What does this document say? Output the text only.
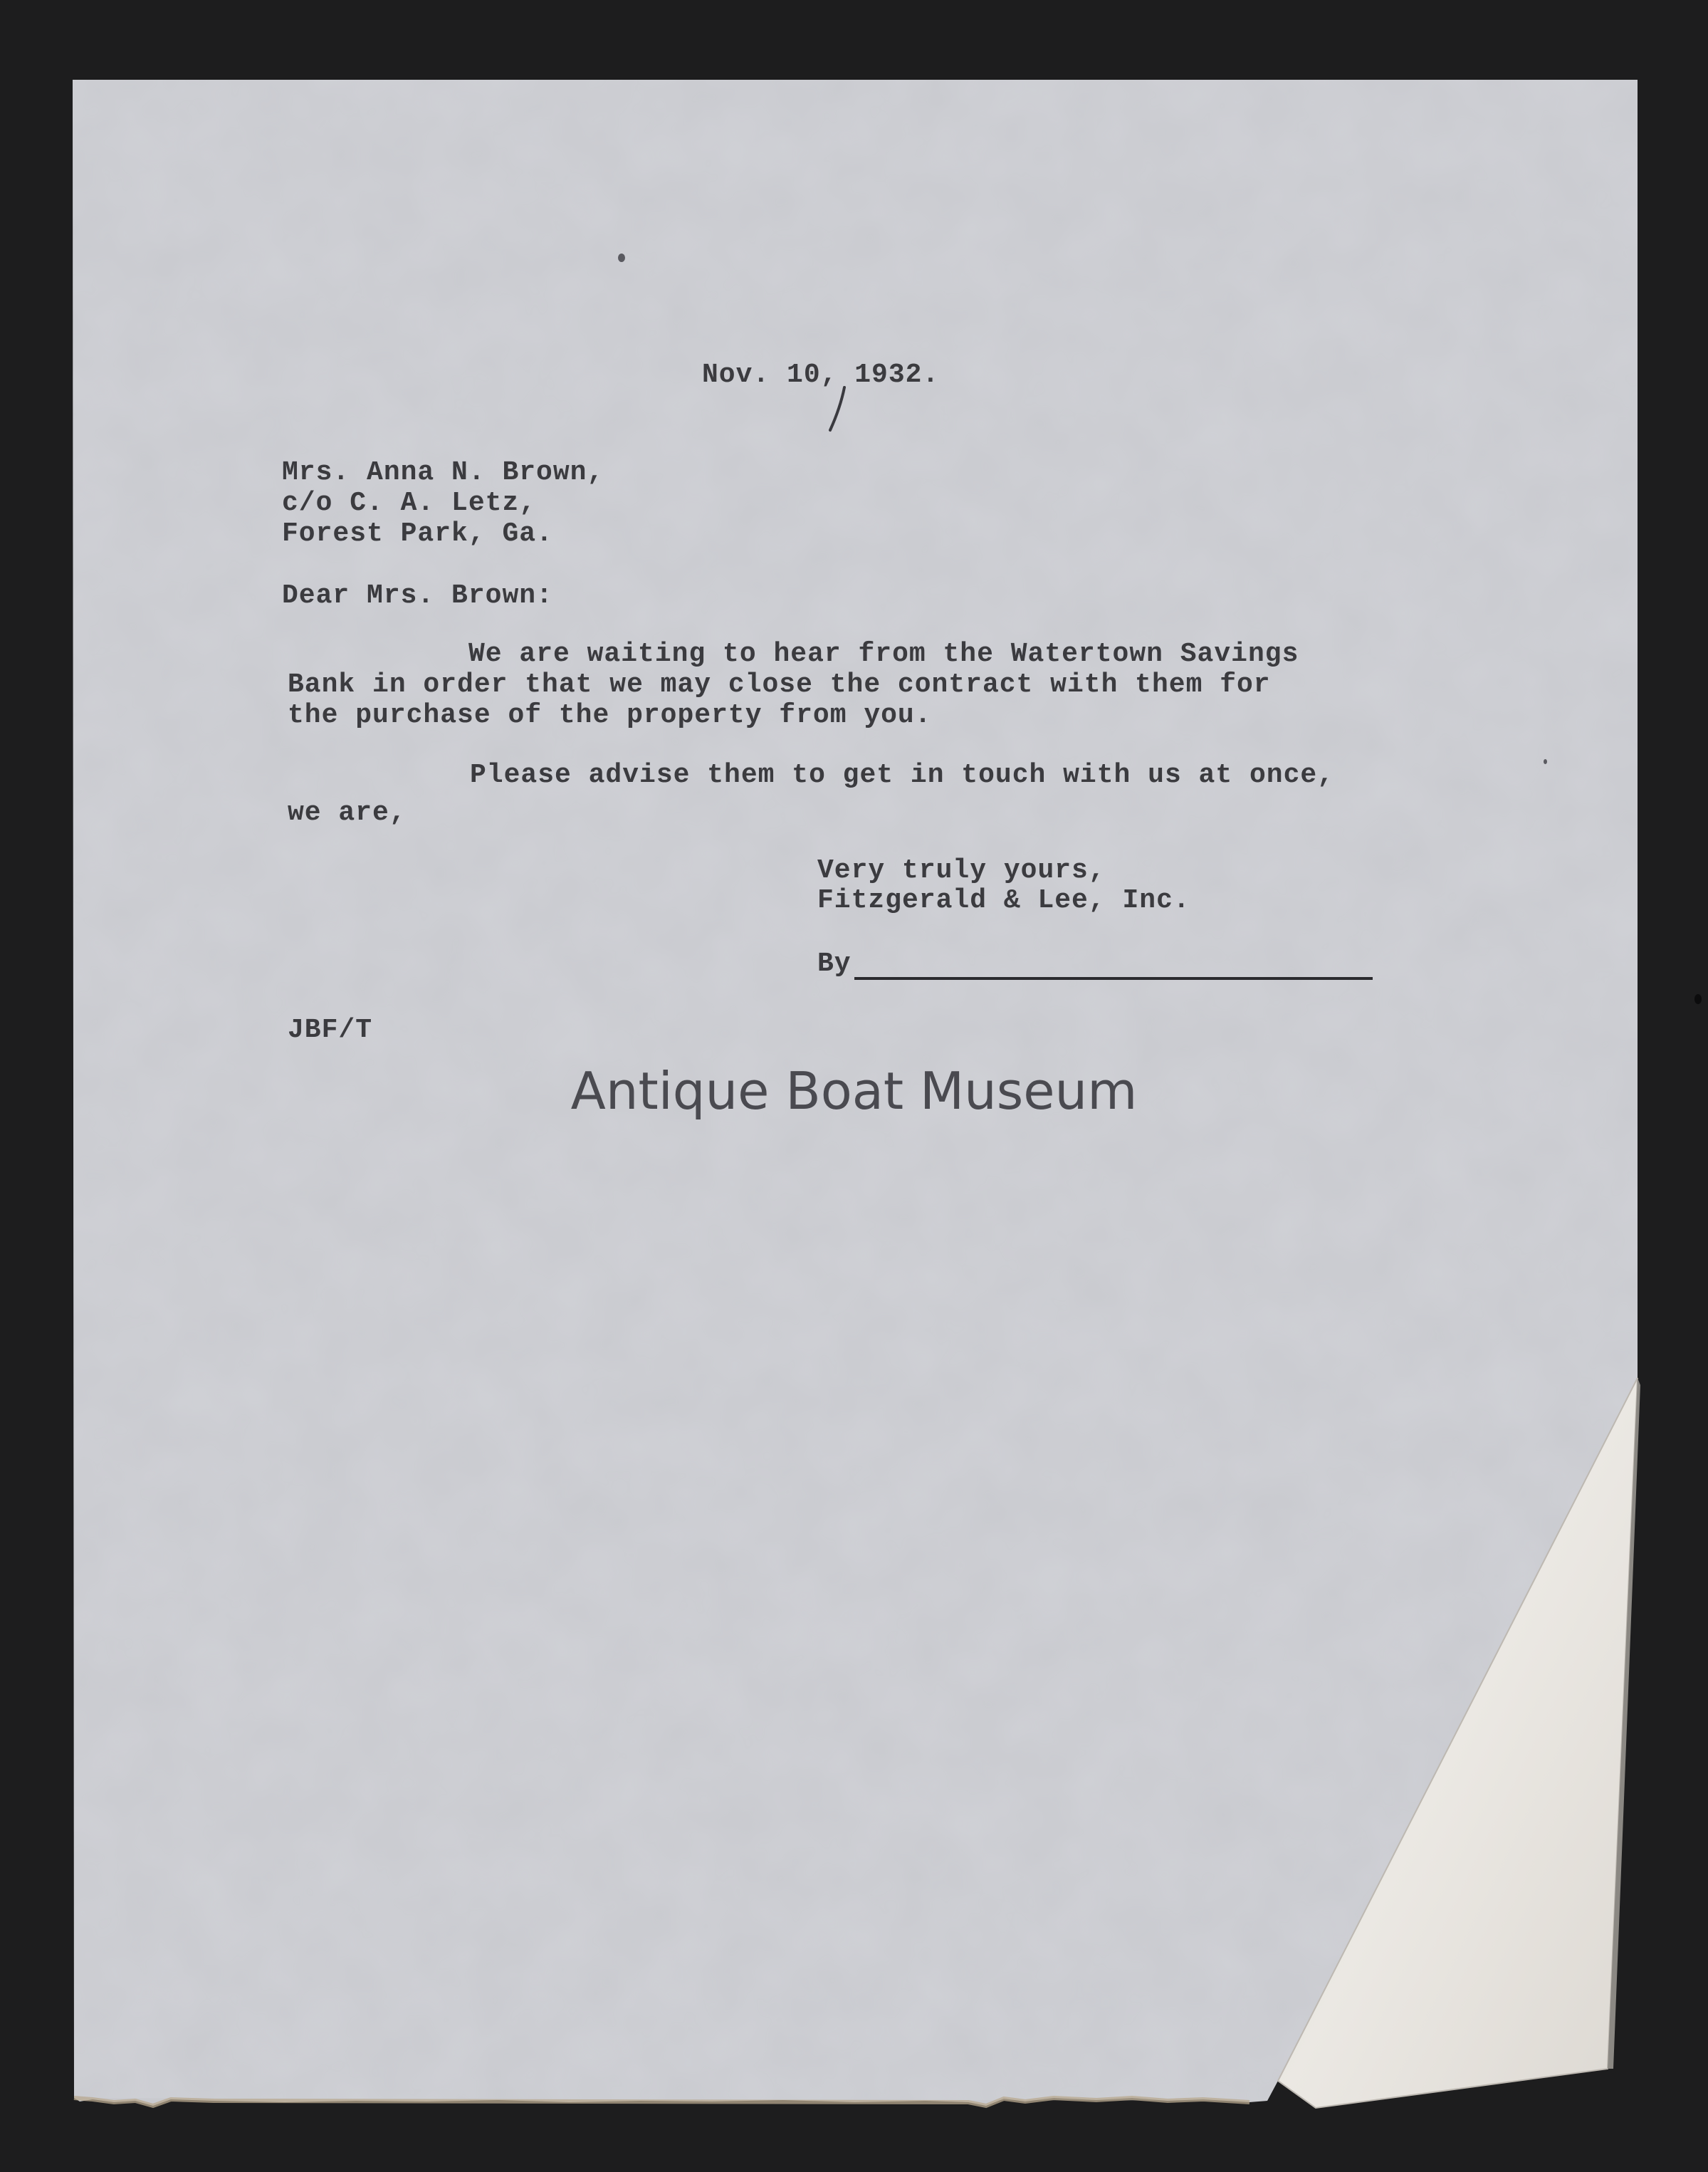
Nov. 10, 1932.
Mrs. Anna N. Brown,
c/o C. A. Letz,
Forest Park, Ga.
Dear Mrs. Brown:
We are waiting to hear from the Watertown Savings
Bank in order that we may close the contract with them for
the purchase of the property from you.
Please advise them to get in touch with us at once,
we are,
Very truly yours,
Fitzgerald & Lee, Inc.
By
JBF/T
Antique Boat Museum
